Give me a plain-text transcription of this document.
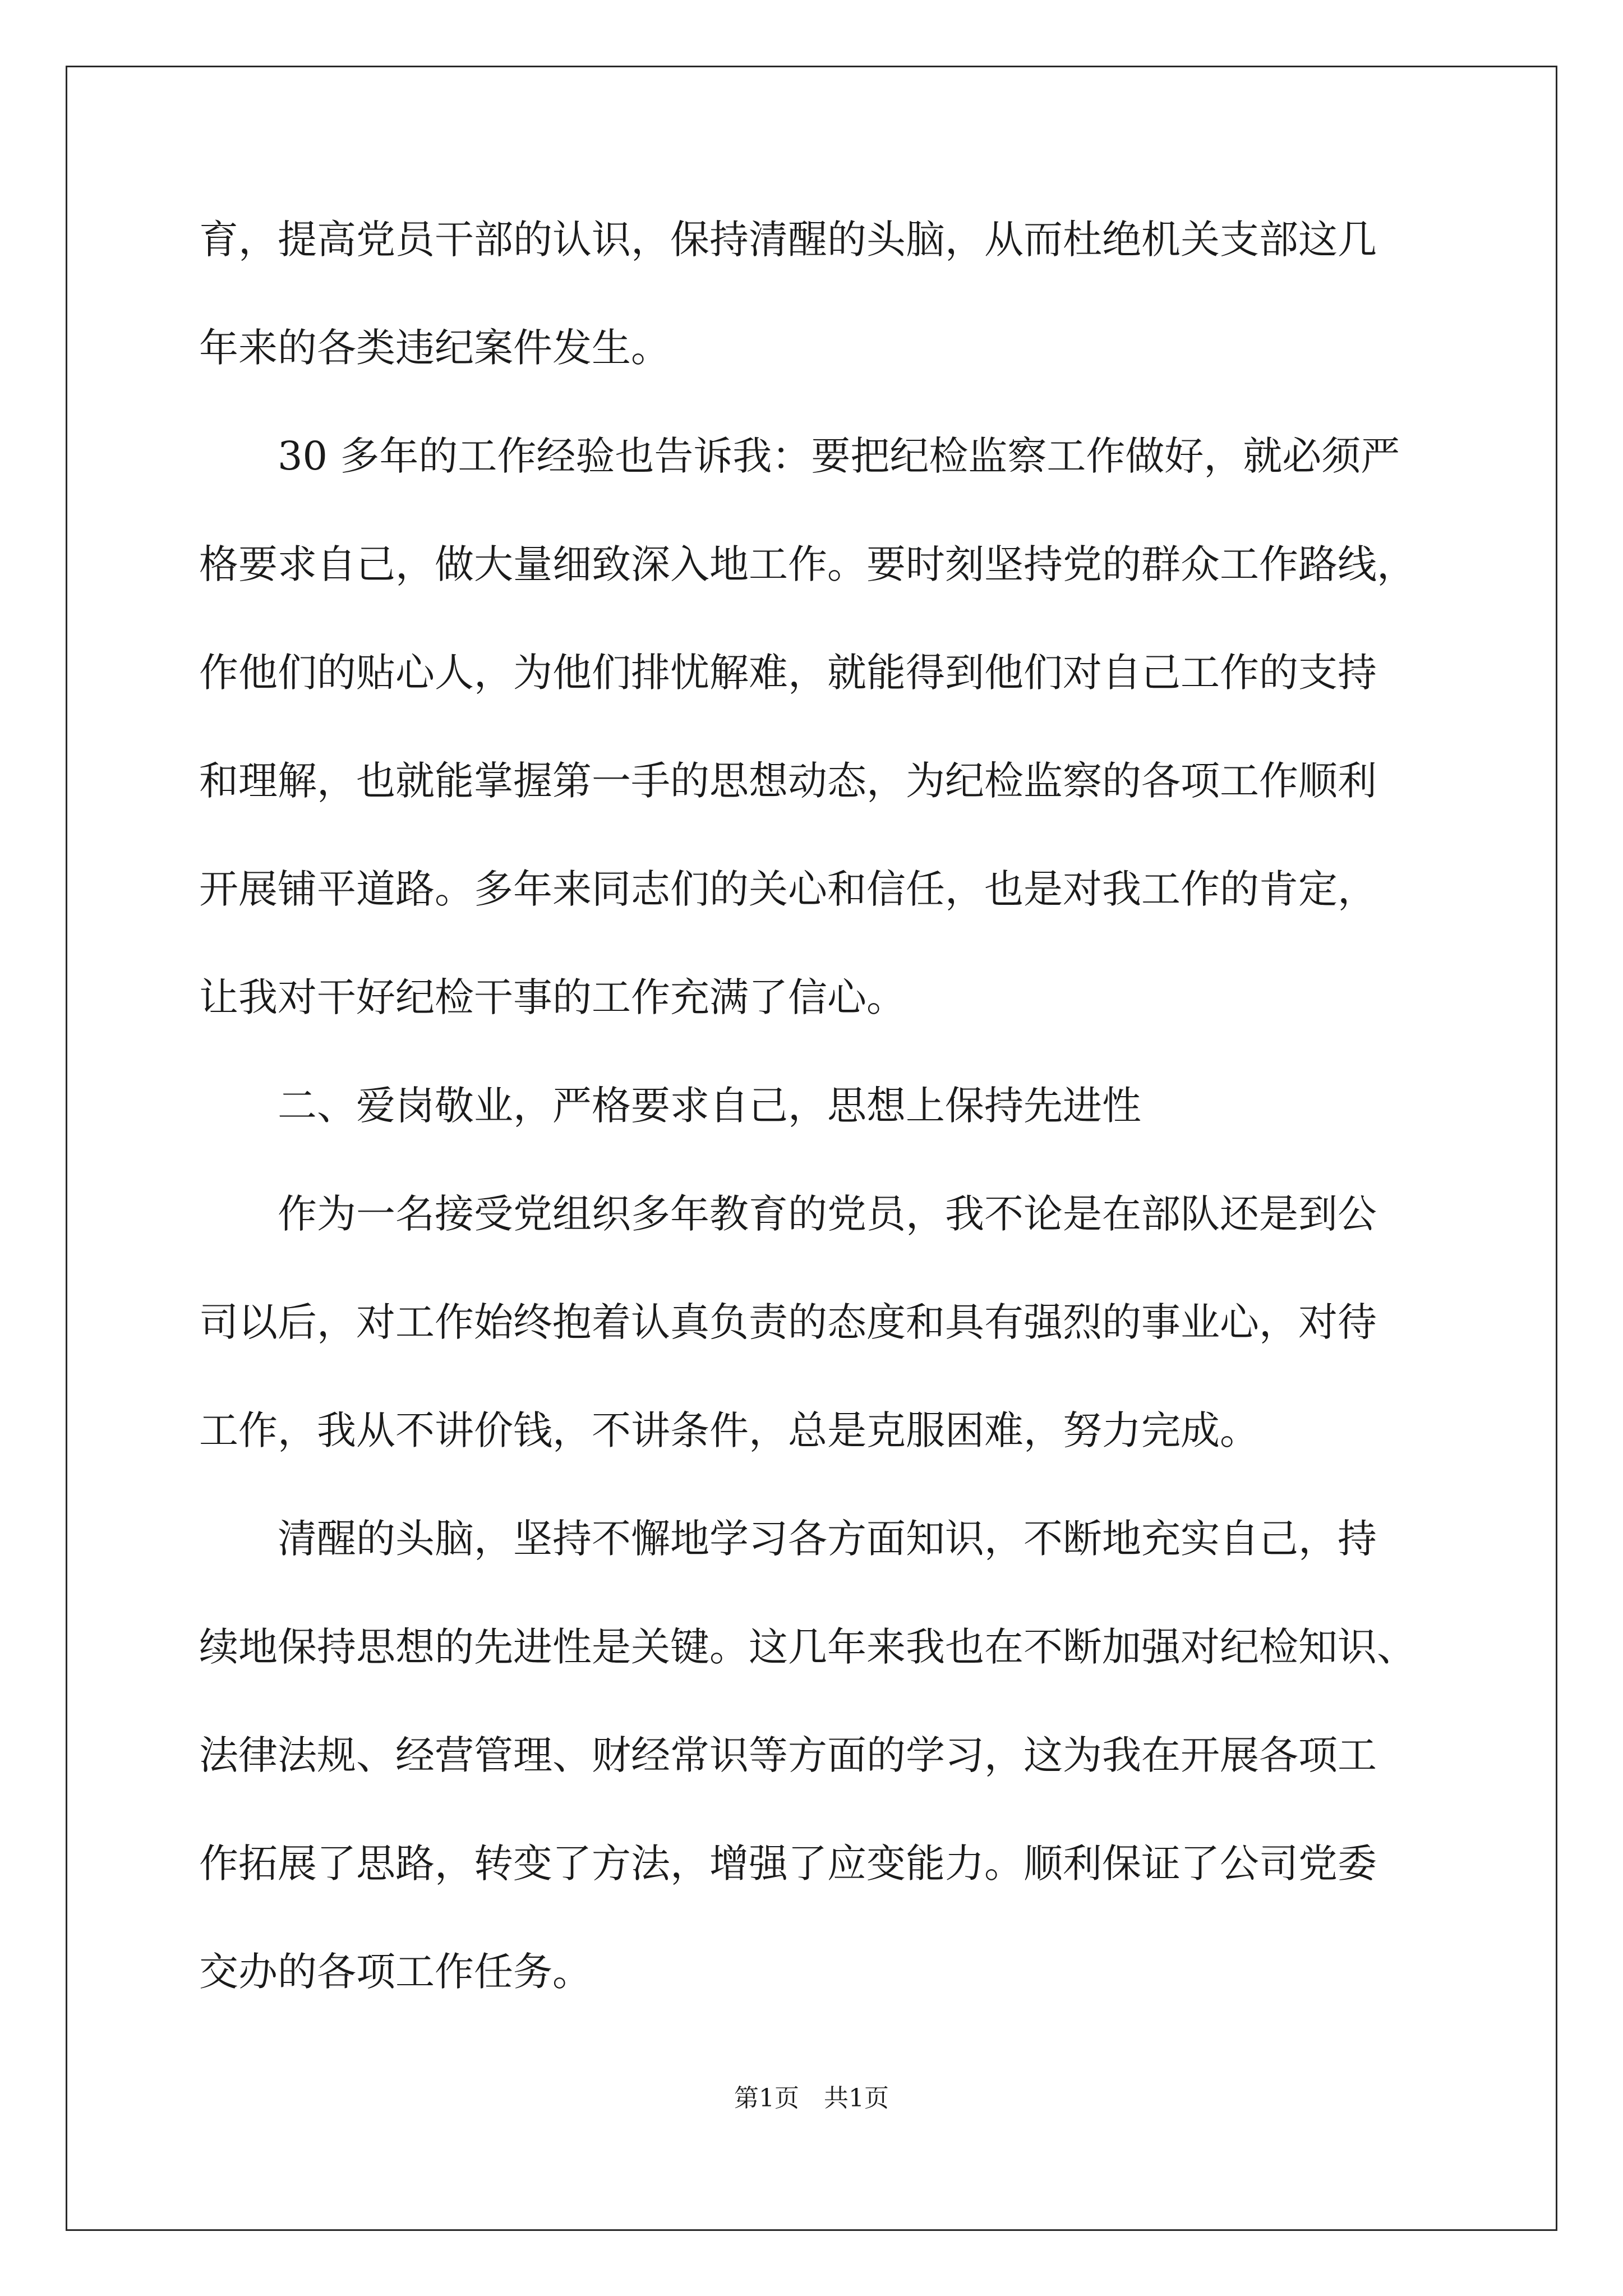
育，提高党员干部的认识，保持清醒的头脑，从而杜绝机关支部这几
年来的各类违纪案件发生。
30 多年的工作经验也告诉我：要把纪检监察工作做好，就必须严
格要求自己，做大量细致深入地工作。要时刻坚持党的群众工作路线，
作他们的贴心人，为他们排忧解难，就能得到他们对自己工作的支持
和理解，也就能掌握第一手的思想动态，为纪检监察的各项工作顺利
开展铺平道路。多年来同志们的关心和信任，也是对我工作的肯定，
让我对干好纪检干事的工作充满了信心。
二、爱岗敬业，严格要求自己，思想上保持先进性
作为一名接受党组织多年教育的党员，我不论是在部队还是到公
司以后，对工作始终抱着认真负责的态度和具有强烈的事业心，对待
工作，我从不讲价钱，不讲条件，总是克服困难，努力完成。
清醒的头脑，坚持不懈地学习各方面知识，不断地充实自己，持
续地保持思想的先进性是关键。这几年来我也在不断加强对纪检知识、
法律法规、经营管理、财经常识等方面的学习，这为我在开展各项工
作拓展了思路，转变了方法，增强了应变能力。顺利保证了公司党委
交办的各项工作任务。
第1页 共1页
